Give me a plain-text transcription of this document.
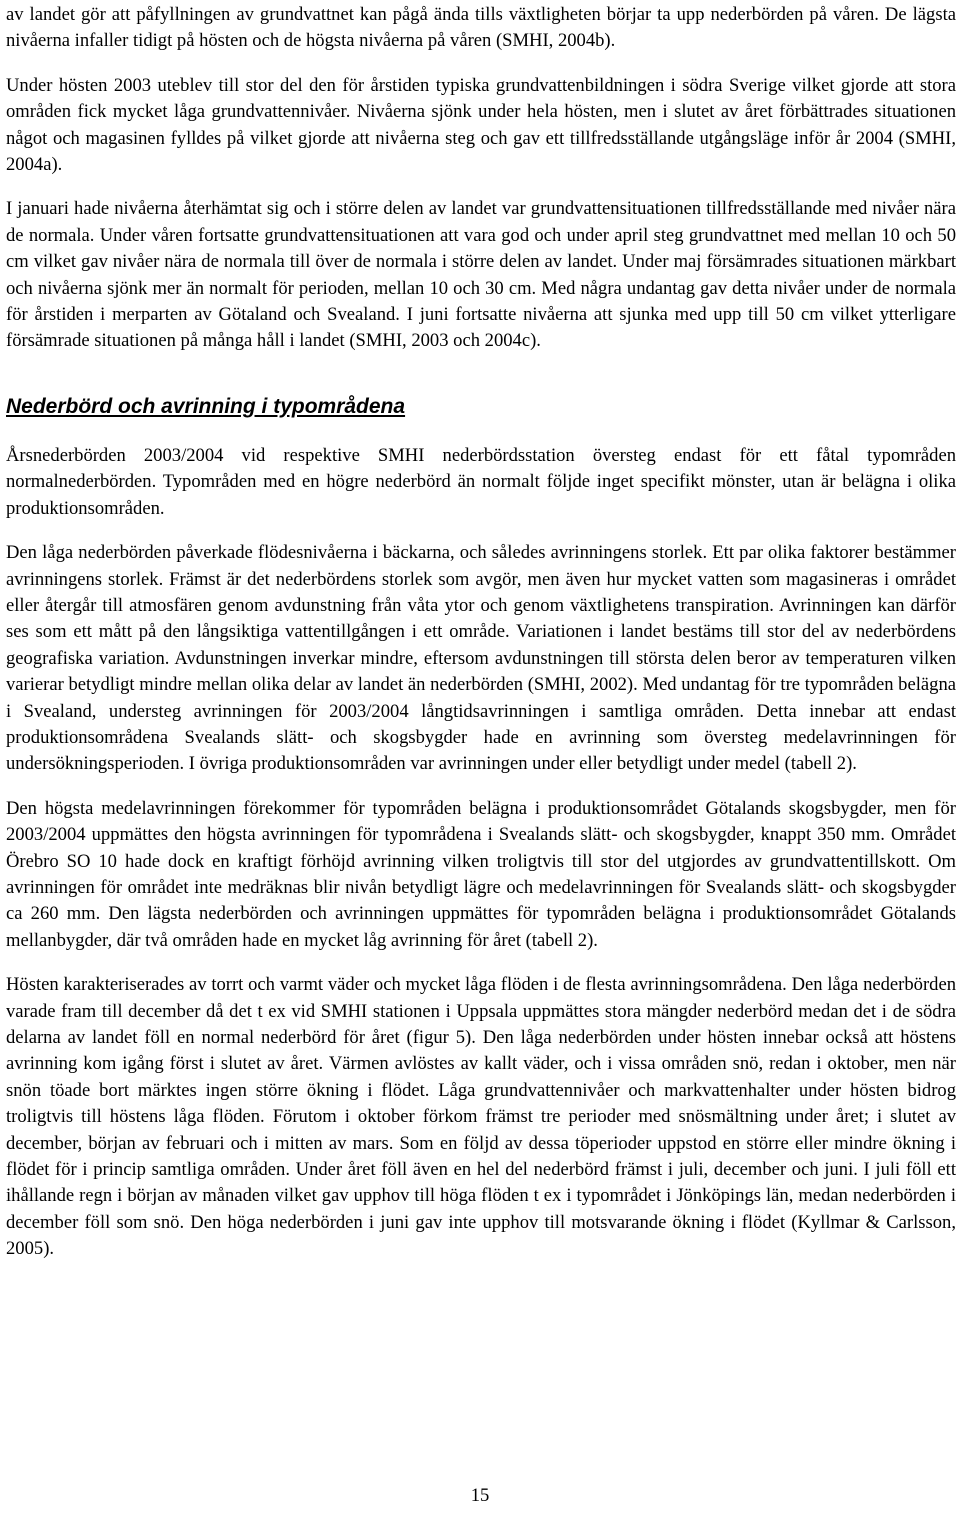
av landet gör att påfyllningen av grundvattnet kan pågå ända tills växtligheten börjar ta upp nederbörden på våren. De lägsta nivåerna infaller tidigt på hösten och de högsta nivåerna på våren (SMHI, 2004b).

Under hösten 2003 uteblev till stor del den för årstiden typiska grundvattenbildningen i södra Sverige vilket gjorde att stora områden fick mycket låga grundvattennivåer. Nivåerna sjönk under hela hösten, men i slutet av året förbättrades situationen något och magasinen fylldes på vilket gjorde att nivåerna steg och gav ett tillfredsställande utgångsläge inför år 2004 (SMHI, 2004a).

I januari hade nivåerna återhämtat sig och i större delen av landet var grundvattensituationen tillfredsställande med nivåer nära de normala. Under våren fortsatte grundvattensituationen att vara god och under april steg grundvattnet med mellan 10 och 50 cm vilket gav nivåer nära de normala till över de normala i större delen av landet. Under maj försämrades situationen märkbart och nivåerna sjönk mer än normalt för perioden, mellan 10 och 30 cm. Med några undantag gav detta nivåer under de normala för årstiden i merparten av Götaland och Svealand. I juni fortsatte nivåerna att sjunka med upp till 50 cm vilket ytterligare försämrade situationen på många håll i landet (SMHI, 2003 och 2004c).

Nederbörd och avrinning i typområdena

Årsnederbörden 2003/2004 vid respektive SMHI nederbördsstation översteg endast för ett fåtal typområden normalnederbörden. Typområden med en högre nederbörd än normalt följde inget specifikt mönster, utan är belägna i olika produktionsområden.

Den låga nederbörden påverkade flödesnivåerna i bäckarna, och således avrinningens storlek. Ett par olika faktorer bestämmer avrinningens storlek. Främst är det nederbördens storlek som avgör, men även hur mycket vatten som magasineras i området eller återgår till atmosfären genom avdunstning från våta ytor och genom växtlighetens transpiration. Avrinningen kan därför ses som ett mått på den långsiktiga vattentillgången i ett område. Variationen i landet bestäms till stor del av nederbördens geografiska variation. Avdunstningen inverkar mindre, eftersom avdunstningen till största delen beror av temperaturen vilken varierar betydligt mindre mellan olika delar av landet än nederbörden (SMHI, 2002). Med undantag för tre typområden belägna i Svealand, understeg avrinningen för 2003/2004 långtidsavrinningen i samtliga områden. Detta innebar att endast produktionsområdena Svealands slätt- och skogsbygder hade en avrinning som översteg medelavrinningen för undersökningsperioden. I övriga produktionsområden var avrinningen under eller betydligt under medel (tabell 2).

Den högsta medelavrinningen förekommer för typområden belägna i produktionsområdet Götalands skogsbygder, men för 2003/2004 uppmättes den högsta avrinningen för typområdena i Svealands slätt- och skogsbygder, knappt 350 mm. Området Örebro SO 10 hade dock en kraftigt förhöjd avrinning vilken troligtvis till stor del utgjordes av grundvattentillskott. Om avrinningen för området inte medräknas blir nivån betydligt lägre och medelavrinningen för Svealands slätt- och skogsbygder ca 260 mm. Den lägsta nederbörden och avrinningen uppmättes för typområden belägna i produktionsområdet Götalands mellanbygder, där två områden hade en mycket låg avrinning för året (tabell 2).

Hösten karakteriserades av torrt och varmt väder och mycket låga flöden i de flesta avrinningsområdena. Den låga nederbörden varade fram till december då det t ex vid SMHI stationen i Uppsala uppmättes stora mängder nederbörd medan det i de södra delarna av landet föll en normal nederbörd för året (figur 5). Den låga nederbörden under hösten innebar också att höstens avrinning kom igång först i slutet av året. Värmen avlöstes av kallt väder, och i vissa områden snö, redan i oktober, men när snön töade bort märktes ingen större ökning i flödet. Låga grundvattennivåer och markvattenhalter under hösten bidrog troligtvis till höstens låga flöden. Förutom i oktober förkom främst tre perioder med snösmältning under året; i slutet av december, början av februari och i mitten av mars. Som en följd av dessa töperioder uppstod en större eller mindre ökning i flödet för i princip samtliga områden. Under året föll även en hel del nederbörd främst i juli, december och juni. I juli föll ett ihållande regn i början av månaden vilket gav upphov till höga flöden t ex i typområdet i Jönköpings län, medan nederbörden i december föll som snö. Den höga nederbörden i juni gav inte upphov till motsvarande ökning i flödet (Kyllmar & Carlsson, 2005).

15
